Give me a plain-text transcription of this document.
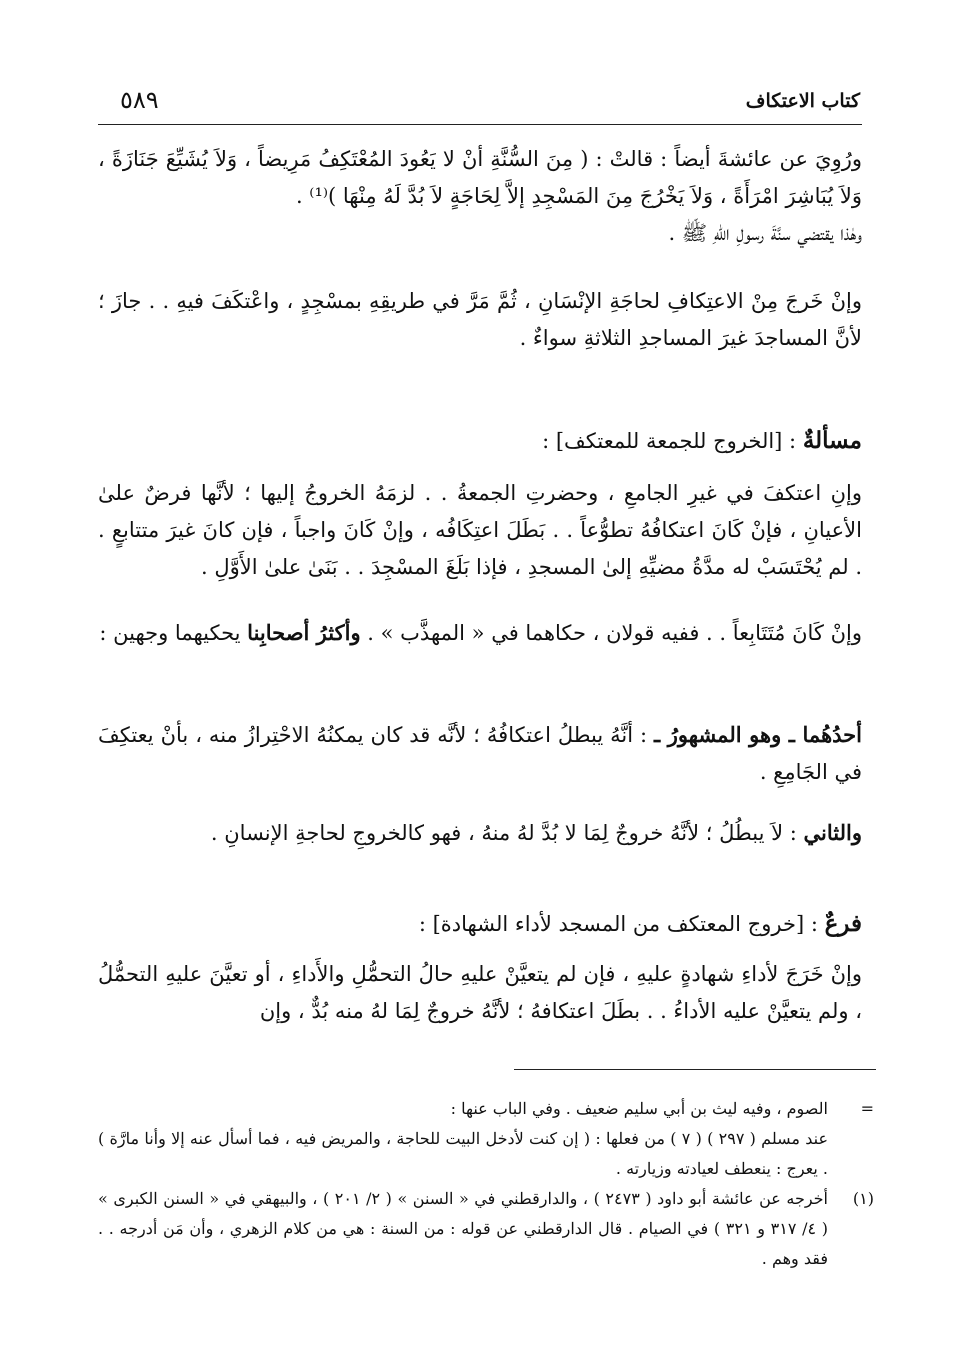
كتاب الاعتكاف
٥٨٩

ورُوِيَ عن عائشةَ أيضاً : قالتْ : ( مِنَ السُّنَّةِ أنْ لا يَعُودَ المُعْتَكِفُ مَرِيضاً ، وَلاَ يُشَيِّعَ جَنَازَةً ، وَلاَ يُبَاشِرَ امْرَأَةً ، وَلاَ يَخْرُجَ مِنَ المَسْجِدِ إلاَّ لِحَاجَةٍ لاَ بُدَّ لَهُ مِنْهَا )⁽¹⁾ .

وهٰذا يقتضي سنَّةَ رسولِ اللهِ ﷺ .

وإنْ خَرجَ مِنْ الاعتِكافِ لحاجَةِ الإنْسَانِ ، ثُمَّ مَرَّ في طريقِهِ بمسْجِدٍ ، واعْتكَفَ فيهِ . . جازَ ؛ لأنَّ المساجدَ غيرَ المساجدِ الثلاثةِ سواءٌ .

مسألةٌ : [الخروج للجمعة للمعتكف] :

وإنِ اعتكفَ في غيرِ الجامعِ ، وحضرتِ الجمعةُ . . لزمَهُ الخروجُ إليها ؛ لأنَّها فرضٌ علىٰ الأعيانِ ، فإنْ كَانَ اعتكافُهُ تطوُّعاً . . بَطَلَ اعتِكَافُه ، وإنْ كَانَ واجباً ، فإن كانَ غيرَ متتابعٍ . . لم يُحْتَسَبْ له مدَّةُ مضيِّهِ إلىٰ المسجدِ ، فإذا بَلَغَ المسْجِدَ . . بَنَىٰ علىٰ الأَوَّلِ .

وإنْ كَانَ مُتَتَابِعاً . . ففيه قولان ، حكاهما في « المهذَّب » . وأكثرُ أصحابِنا يحكيهما وجهين :

أحدُهُما ـ وهو المشهورُ ـ : أنَّهُ يبطلُ اعتكافُهُ ؛ لأنَّه قد كان يمكنُهُ الاحْتِرازُ منه ، بأنْ يعتكِفَ في الجَامِعِ .

والثاني : لاَ يبطُلُ ؛ لأنَّهُ خروجٌ لِمَا لا بُدَّ لهُ منهُ ، فهو كالخروجِ لحاجةِ الإنسانِ .

فرعٌ : [خروج المعتكف من المسجد لأداء الشهادة] :

وإنْ خَرَجَ لأداءِ شهادةٍ عليهِ ، فإن لم يتعيَّنْ عليهِ حالُ التحمُّلِ والأَداءِ ، أو تعيَّنَ عليهِ التحمُّلُ ، ولم يتعيَّنْ عليه الأداءُ . . بطَلَ اعتكافهُ ؛ لأنَّهُ خروجٌ لِمَا لهُ منه بُدٌّ ، وإن

=

الصوم ، وفيه ليث بن أبي سليم ضعيف . وفي الباب عنها :

عند مسلم ( ٢٩٧ ) ( ٧ ) من فعلها : ( إن كنت لأدخل البيت للحاجة ، والمريض فيه ، فما أسأل عنه إلا وأنا مارَّة ) . يعرج : ينعطف لعيادته وزيارته .

(١)

أخرجه عن عائشة أبو داود ( ٢٤٧٣ ) ، والدارقطني في « السنن » ( ٢/ ٢٠١ ) ، والبيهقي في « السنن الكبرى » ( ٤/ ٣١٧ و ٣٢١ ) في الصيام . قال الدارقطني عن قوله : من السنة : هي من كلام الزهري ، وأن مَن أدرجه . . فقد وهم .
